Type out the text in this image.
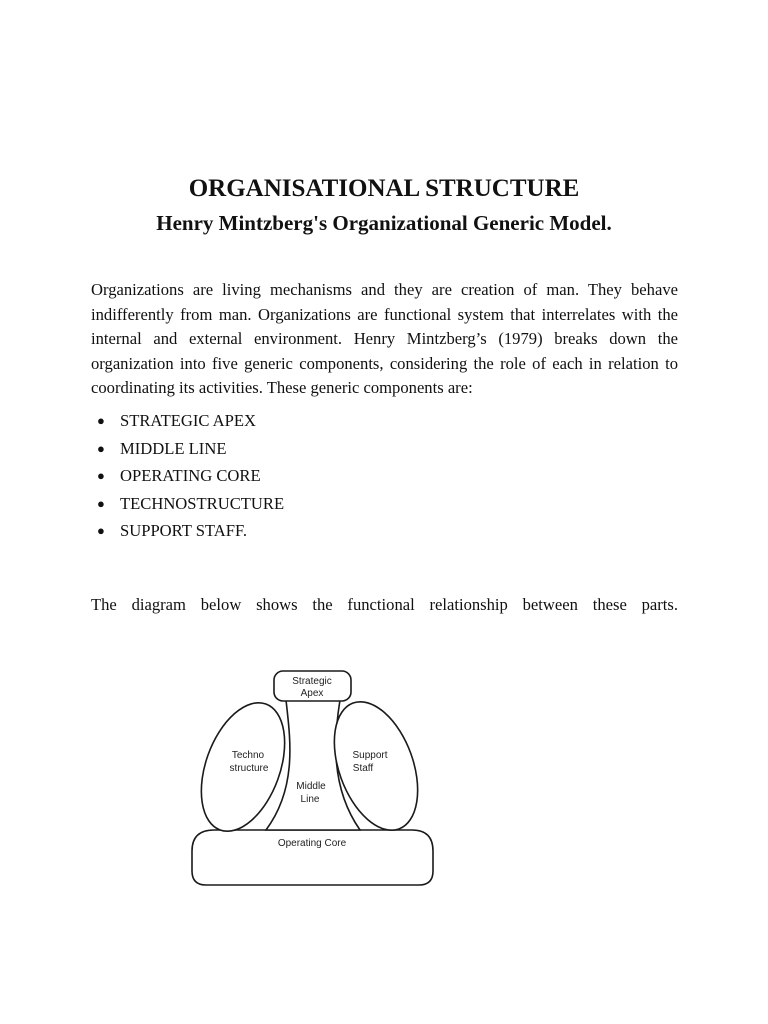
ORGANISATIONAL STRUCTURE
Henry Mintzberg's Organizational Generic Model.

Organizations are living mechanisms and they are creation of man. They behave indifferently from man. Organizations are functional system that interrelates with the internal and external environment. Henry Mintzberg’s (1979) breaks down the organization into five generic components, considering the role of each in relation to coordinating its activities. These generic components are:

● STRATEGIC APEX
● MIDDLE LINE
● OPERATING CORE
● TECHNOSTRUCTURE
● SUPPORT STAFF.

The diagram below shows the functional relationship between these parts.

Strategic
Apex
Techno
structure
Support
Staff
Middle
Line
Operating Core
